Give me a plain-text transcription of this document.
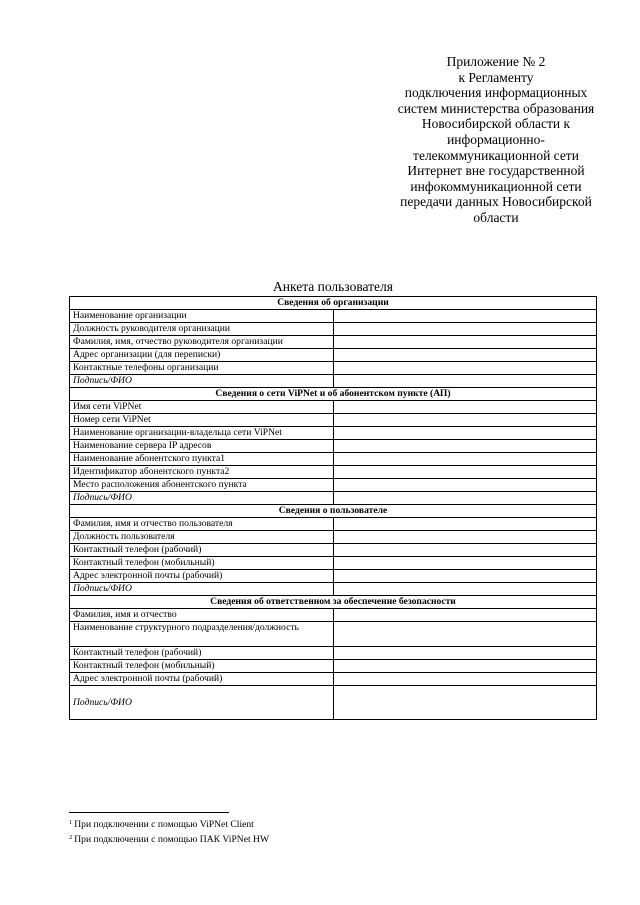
Приложение № 2
к Регламенту
подключения информационных
систем министерства образования
Новосибирской области к
информационно-
телекоммуникационной сети
Интернет вне государственной
инфокоммуникационной сети
передачи данных Новосибирской
области
Анкета пользователя
Сведения об организации	
Наименование организации	
Должность руководителя организации	
Фамилия, имя, отчество руководителя организации	
Адрес организации (для переписки)	
Контактные телефоны организации	
Подпись/ФИО	
Сведения о сети ViPNet и об абонентском пункте (АП)	
Имя сети ViPNet	
Номер сети ViPNet	
Наименование организации-владельца сети ViPNet	
Наименование сервера IP адресов	
Наименование абонентского пункта1	
Идентификатор абонентского пункта2	
Место расположения абонентского пункта	
Подпись/ФИО	
Сведения о пользователе	
Фамилия, имя и отчество пользователя	
Должность пользователя	
Контактный телефон (рабочий)	
Контактный телефон (мобильный)	
Адрес электронной почты (рабочий)	
Подпись/ФИО	
Сведения об ответственном за обеспечение безопасности	
Фамилия, имя и отчество	
Наименование структурного подразделения/должность	
Контактный телефон (рабочий)	
Контактный телефон (мобильный)	
Адрес электронной почты (рабочий)	
Подпись/ФИО	
$^1$ При подключении с помощью ViPNet Client
$^2$ При подключении с помощью ПАК ViPNet HW
